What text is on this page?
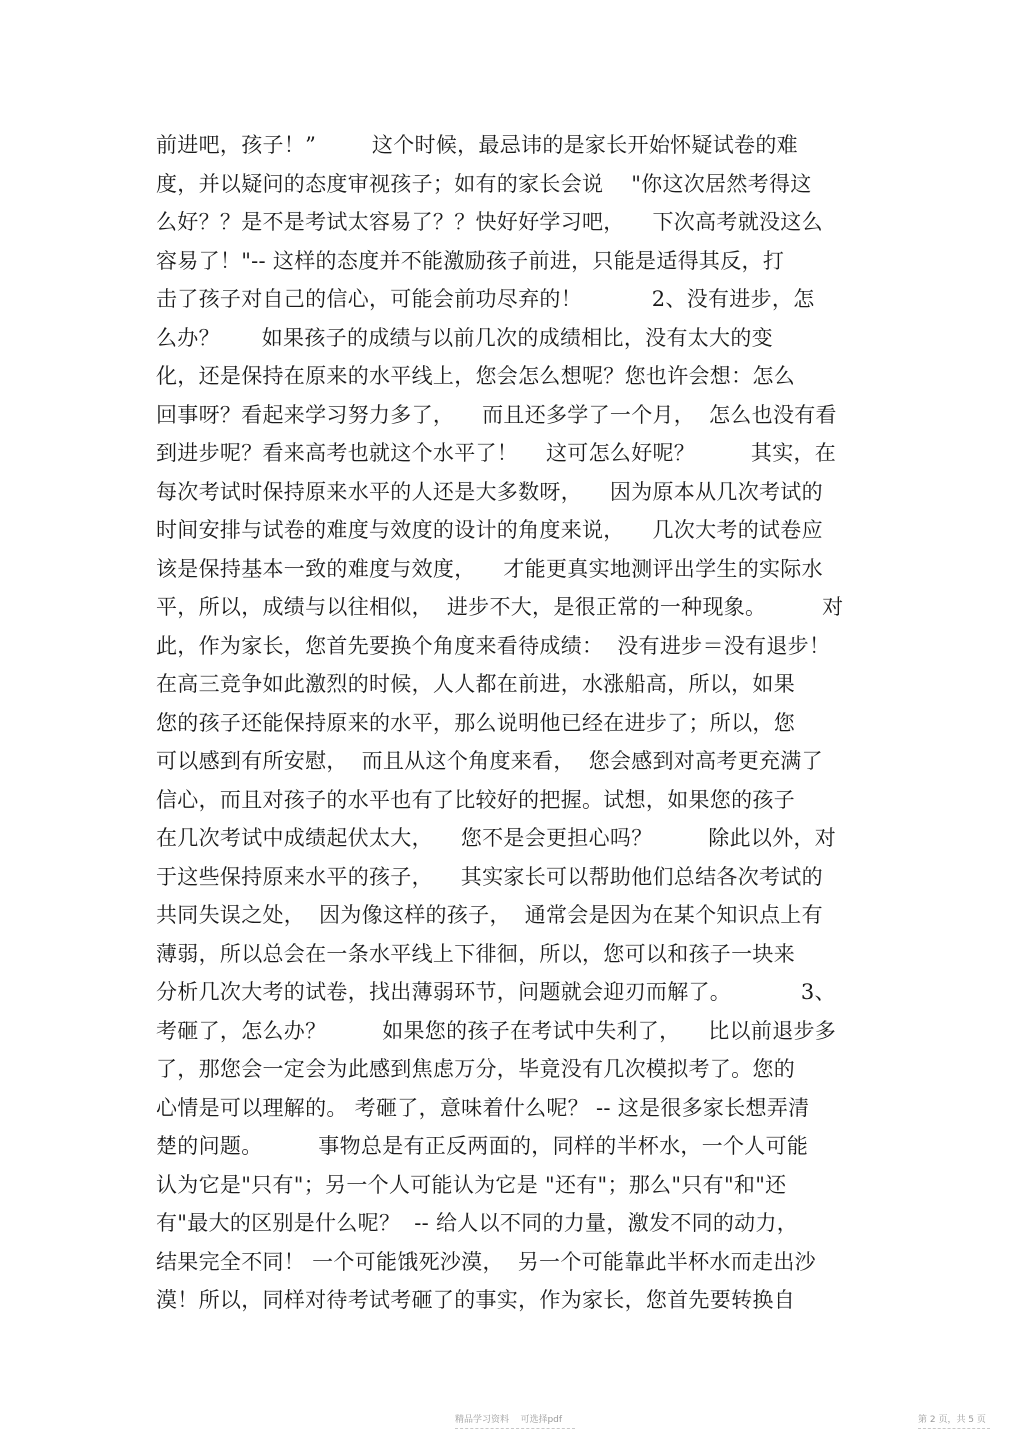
前进吧，孩子！”        这个时候，最忌讳的是家长开始怀疑试卷的难
度，并以疑问的态度审视孩子；如有的家长会说    "你这次居然考得这
么好？？是不是考试太容易了？？快好好学习吧，    下次高考就没这么
容易了！"-- 这样的态度并不能激励孩子前进，只能是适得其反，打
击了孩子对自己的信心，可能会前功尽弃的！          2、没有进步，怎
么办？      如果孩子的成绩与以前几次的成绩相比，没有太大的变
化，还是保持在原来的水平线上，您会怎么想呢？您也许会想：怎么
回事呀？看起来学习努力多了，    而且还多学了一个月，  怎么也没有看
到进步呢？看来高考也就这个水平了！    这可怎么好呢？        其实，在
每次考试时保持原来水平的人还是大多数呀，    因为原本从几次考试的
时间安排与试卷的难度与效度的设计的角度来说，    几次大考的试卷应
该是保持基本一致的难度与效度，    才能更真实地测评出学生的实际水
平，所以，成绩与以往相似，  进步不大，是很正常的一种现象。        对
此，作为家长，您首先要换个角度来看待成绩：  没有进步＝没有退步！
在高三竞争如此激烈的时候，人人都在前进，水涨船高，所以，如果
您的孩子还能保持原来的水平，那么说明他已经在进步了；所以，您
可以感到有所安慰，  而且从这个角度来看，  您会感到对高考更充满了
信心，而且对孩子的水平也有了比较好的把握。试想，如果您的孩子
在几次考试中成绩起伏太大，    您不是会更担心吗？        除此以外，对
于这些保持原来水平的孩子，    其实家长可以帮助他们总结各次考试的
共同失误之处，  因为像这样的孩子，  通常会是因为在某个知识点上有
薄弱，所以总会在一条水平线上下徘徊，所以，您可以和孩子一块来
分析几次大考的试卷，找出薄弱环节，问题就会迎刃而解了。          3、
考砸了，怎么办？        如果您的孩子在考试中失利了，    比以前退步多
了，那您会一定会为此感到焦虑万分，毕竟没有几次模拟考了。您的
心情是可以理解的。 考砸了，意味着什么呢？ -- 这是很多家长想弄清
楚的问题。        事物总是有正反两面的，同样的半杯水，一个人可能
认为它是"只有"；另一个人可能认为它是 "还有"；那么"只有"和"还
有"最大的区别是什么呢？  -- 给人以不同的力量，激发不同的动力，
结果完全不同！ 一个可能饿死沙漠，  另一个可能靠此半杯水而走出沙
漠！所以，同样对待考试考砸了的事实，作为家长，您首先要转换自
精品学习资料    可选择pdf	第 2 页，共 5 页
